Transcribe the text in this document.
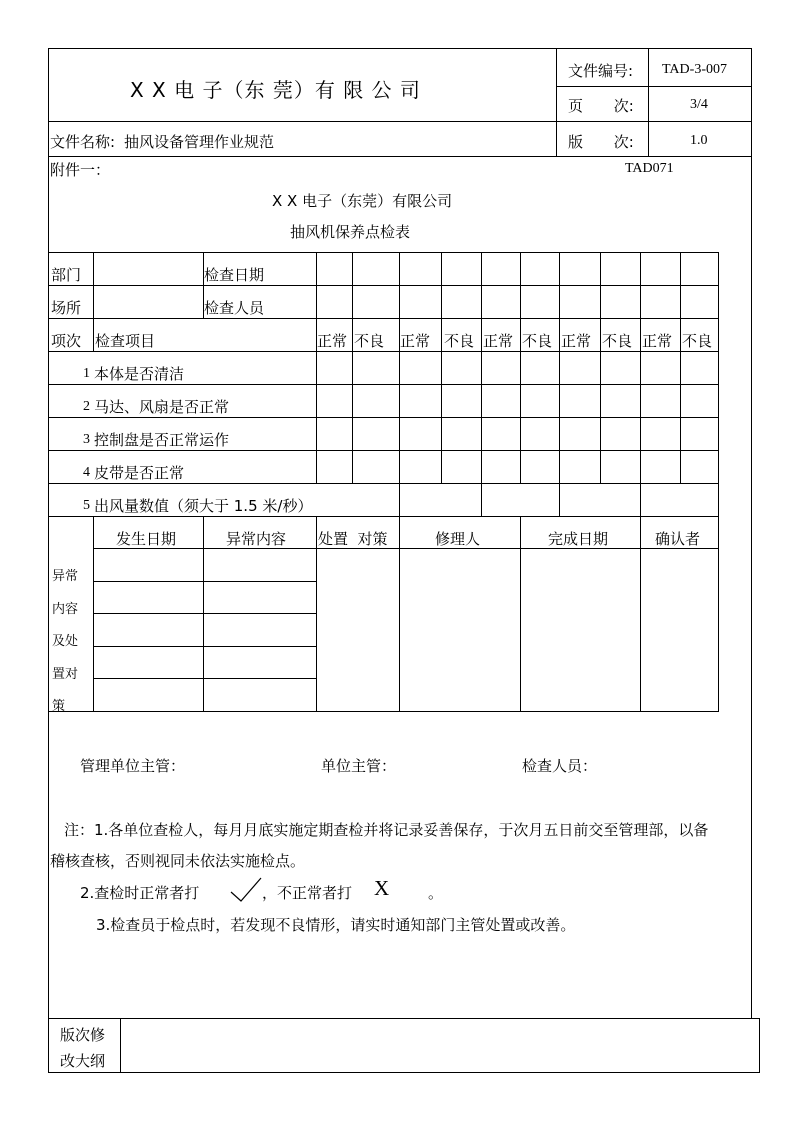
X X 电 子（东 莞）有 限 公 司
文件编号: TAD-3-007
页 次:	3/4
文件名称: 抽风设备管理作业规范	版 次:	1.0
附件一：	TAD071
X X 电子（东莞）有限公司
抽风机保养点检表
部门	检查日期
场所	检查人员
项次 检查项目	正常 不良 正常 不良 正常 不良 正常 不良 正常 不良
1 本体是否清洁
2 马达、风扇是否正常
3 控制盘是否正常运作
4 皮带是否正常
5 出风量数值（须大于 1.5 米/秒）
异常
内容
及处
置对
策
发生日期	异常内容 处置  对策	修理人	完成日期	确认者
管理单位主管：	单位主管：	检查人员：
注：1.各单位查检人，每月月底实施定期查检并将记录妥善保存，于次月五日前交至管理部，以备
稽核查核，否则视同未依法实施检点。
2.查检时正常者打	，不正常者打 X	。
3.检查员于检点时，若发现不良情形，请实时通知部门主管处置或改善。
版次修
改大纲
